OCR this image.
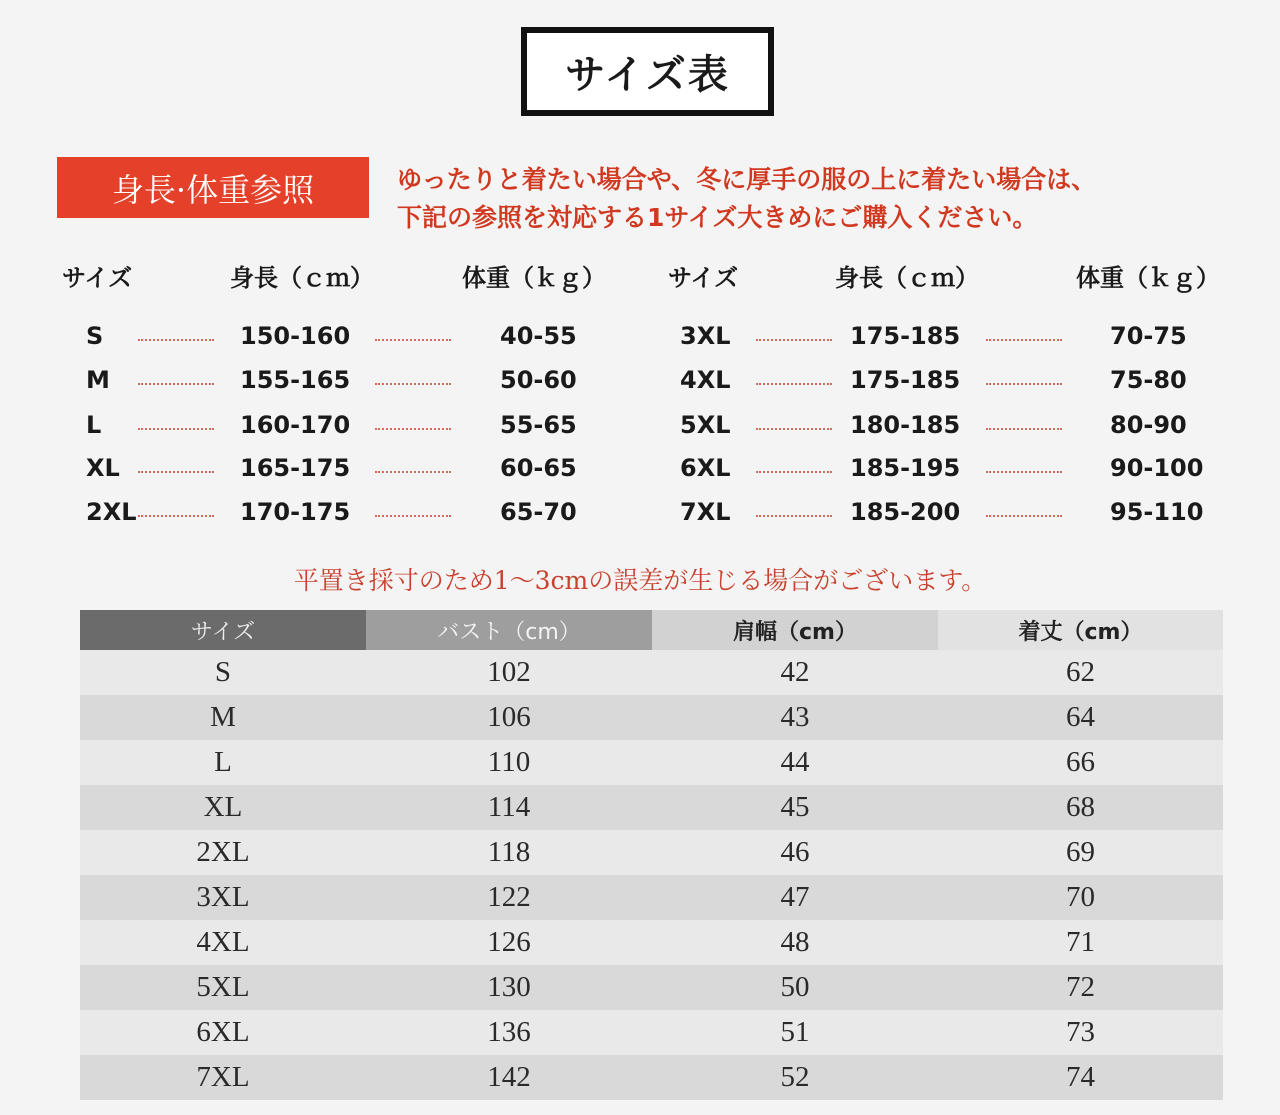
サイズ表
身長·体重参照	ゆったりと着たい場合や、冬に厚手の服の上に着たい場合は、
下記の参照を対応する1サイズ大きめにご購入ください。
サイズ	身長（ｃｍ）	体重（ｋｇ）	サイズ	身長（ｃｍ）	体重（ｋｇ）
S	150-160	40-55
M	155-165	50-60
L	160-170	55-65
XL	165-175	60-65
2XL	170-175	65-70
3XL	175-185	70-75
4XL	175-185	75-80
5XL	180-185	80-90
6XL	185-195	90-100
7XL	185-200	95-110
平置き採寸のため1～3cmの誤差が生じる場合がございます。
サイズ	バスト（cm）	肩幅（cm）	着丈（cm）
S	102	42	62
M	106	43	64
L	110	44	66
XL	114	45	68
2XL	118	46	69
3XL	122	47	70
4XL	126	48	71
5XL	130	50	72
6XL	136	51	73
7XL	142	52	74
